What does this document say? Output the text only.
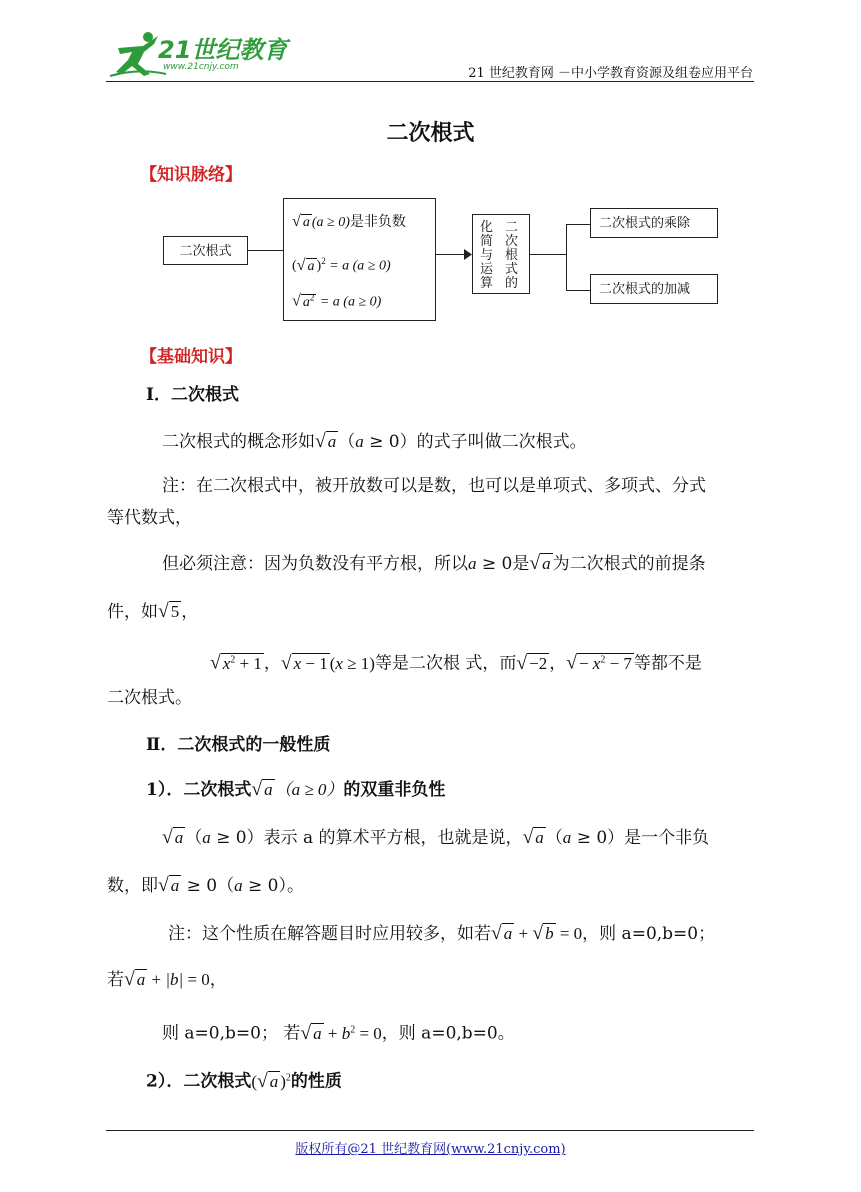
21世纪教育
www.21cnjy.com	21 世纪教育网 －中小学教育资源及组卷应用平台
二次根式
【知识脉络】
二次根式
√ a (a ≥ 0)是非负数
(√ a )$^2$ = a (a ≥ 0)
√ $a^2 = a$ (a ≥ 0)
化简与运算
二次根式的
二次根式的乘除
二次根式的加减
【基础知识】
Ⅰ．二次根式
二次根式的概念形如√ a （a ≥ 0）的式子叫做二次根式。
注：在二次根式中，被开放数可以是数，也可以是单项式、多项式、分式
等代数式，
但必须注意：因为负数没有平方根，所以a ≥ 0是√ a 为二次根式的前提条
件，如√ 5 ，
√ $x^2 + 1$ ，√ x − 1 (x ≥ 1)等是二次根 式，而√ −2 ，√ − $x^2 - 7$ 等都不是
二次根式。
Ⅱ．二次根式的一般性质
1）．二次根式√ a （a ≥ 0）的双重非负性
√ a （a ≥ 0）表示 a 的算术平方根，也就是说，√ a （a ≥ 0）是一个非负
数，即√ a ≥ 0（a ≥ 0）。
注：这个性质在解答题目时应用较多，如若√ a + √ b = 0，则 a=0,b=0；
若√ a + |b| = 0，
则 a=0,b=0； 若√ $a + b^2 = 0$，则 a=0,b=0。
2）．二次根式(√ a )$^2$的性质
版权所有@21 世纪教育网(www.21cnjy.com)
